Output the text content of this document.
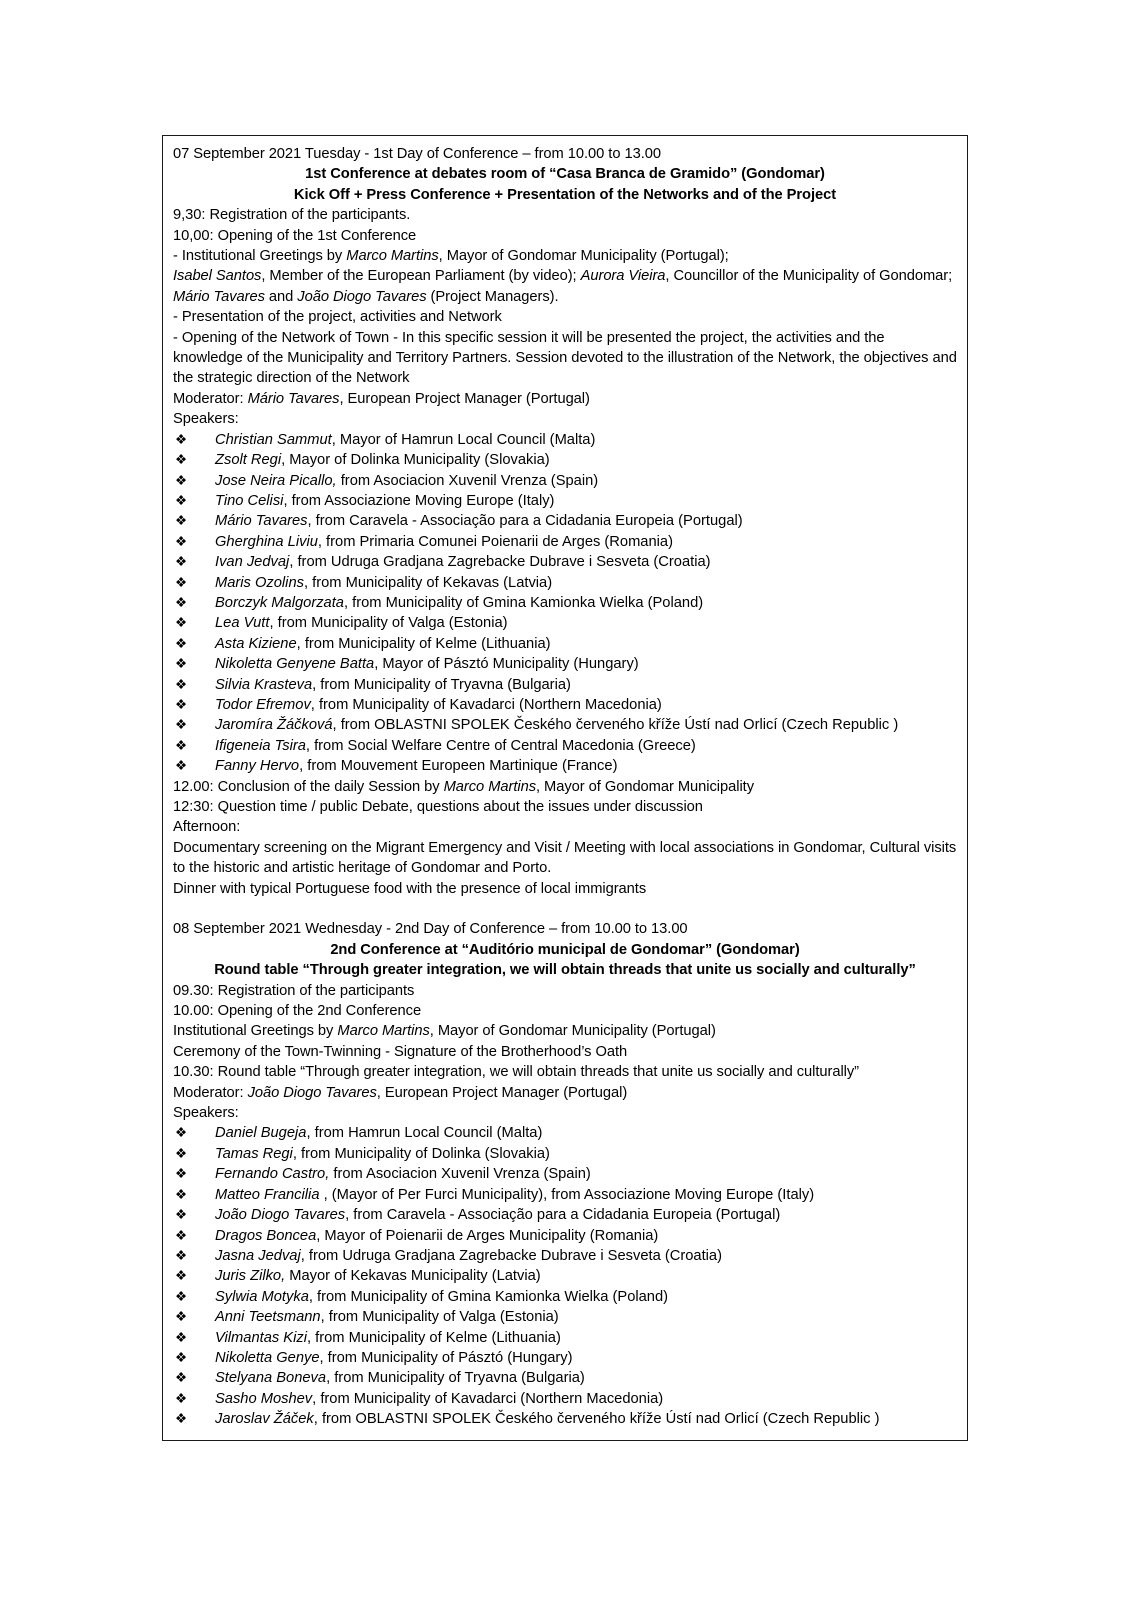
07 September 2021 Tuesday - 1st Day of Conference – from 10.00 to 13.00
1st Conference at debates room of “Casa Branca de Gramido” (Gondomar)
Kick Off + Press Conference + Presentation of the Networks and of the Project
9,30: Registration of the participants.
10,00: Opening of the 1st Conference
- Institutional Greetings by Marco Martins, Mayor of Gondomar Municipality (Portugal);
Isabel Santos, Member of the European Parliament (by video); Aurora Vieira, Councillor of the Municipality of Gondomar; Mário Tavares and João Diogo Tavares (Project Managers).
- Presentation of the project, activities and Network
- Opening of the Network of Town - In this specific session it will be presented the project, the activities and the knowledge of the Municipality and Territory Partners. Session devoted to the illustration of the Network, the objectives and the strategic direction of the Network
Moderator: Mário Tavares, European Project Manager (Portugal)
Speakers:
❖	Christian Sammut, Mayor of Hamrun Local Council (Malta)
❖	Zsolt Regi, Mayor of Dolinka Municipality (Slovakia)
❖	Jose Neira Picallo, from Asociacion Xuvenil Vrenza (Spain)
❖	Tino Celisi, from Associazione Moving Europe (Italy)
❖	Mário Tavares, from Caravela - Associação para a Cidadania Europeia (Portugal)
❖	Gherghina Liviu, from Primaria Comunei Poienarii de Arges (Romania)
❖	Ivan Jedvaj, from Udruga Gradjana Zagrebacke Dubrave i Sesveta (Croatia)
❖	Maris Ozolins, from Municipality of Kekavas (Latvia)
❖	Borczyk Malgorzata, from Municipality of Gmina Kamionka Wielka (Poland)
❖	Lea Vutt, from Municipality of Valga (Estonia)
❖	Asta Kiziene, from Municipality of Kelme (Lithuania)
❖	Nikoletta Genyene Batta, Mayor of Pásztó Municipality (Hungary)
❖	Silvia Krasteva, from Municipality of Tryavna (Bulgaria)
❖	Todor Efremov, from Municipality of Kavadarci (Northern Macedonia)
❖	Jaromíra Žáčková, from OBLASTNI SPOLEK Českého červeného kříže Ústí nad Orlicí (Czech Republic )
❖	Ifigeneia Tsira, from Social Welfare Centre of Central Macedonia (Greece)
❖	Fanny Hervo, from Mouvement Europeen Martinique (France)
12.00: Conclusion of the daily Session by Marco Martins, Mayor of Gondomar Municipality
12:30: Question time / public Debate, questions about the issues under discussion
Afternoon:
Documentary screening on the Migrant Emergency and Visit / Meeting with local associations in Gondomar, Cultural visits to the historic and artistic heritage of Gondomar and Porto.
Dinner with typical Portuguese food with the presence of local immigrants
08 September 2021 Wednesday - 2nd Day of Conference – from 10.00 to 13.00
2nd Conference at “Auditório municipal de Gondomar” (Gondomar)
Round table “Through greater integration, we will obtain threads that unite us socially and culturally”
09.30: Registration of the participants
10.00: Opening of the 2nd Conference
Institutional Greetings by Marco Martins, Mayor of Gondomar Municipality (Portugal)
Ceremony of the Town-Twinning - Signature of the Brotherhood’s Oath
10.30: Round table “Through greater integration, we will obtain threads that unite us socially and culturally”
Moderator: João Diogo Tavares, European Project Manager (Portugal)
Speakers:
❖	Daniel Bugeja, from Hamrun Local Council (Malta)
❖	Tamas Regi, from Municipality of Dolinka (Slovakia)
❖	Fernando Castro, from Asociacion Xuvenil Vrenza (Spain)
❖	Matteo Francilia , (Mayor of Per Furci Municipality), from Associazione Moving Europe (Italy)
❖	João Diogo Tavares, from Caravela - Associação para a Cidadania Europeia (Portugal)
❖	Dragos Boncea, Mayor of Poienarii de Arges Municipality (Romania)
❖	Jasna Jedvaj, from Udruga Gradjana Zagrebacke Dubrave i Sesveta (Croatia)
❖	Juris Zilko, Mayor of Kekavas Municipality (Latvia)
❖	Sylwia Motyka, from Municipality of Gmina Kamionka Wielka (Poland)
❖	Anni Teetsmann, from Municipality of Valga (Estonia)
❖	Vilmantas Kizi, from Municipality of Kelme (Lithuania)
❖	Nikoletta Genye, from Municipality of Pásztó (Hungary)
❖	Stelyana Boneva, from Municipality of Tryavna (Bulgaria)
❖	Sasho Moshev, from Municipality of Kavadarci (Northern Macedonia)
❖	Jaroslav Žáček, from OBLASTNI SPOLEK Českého červeného kříže Ústí nad Orlicí (Czech Republic )
